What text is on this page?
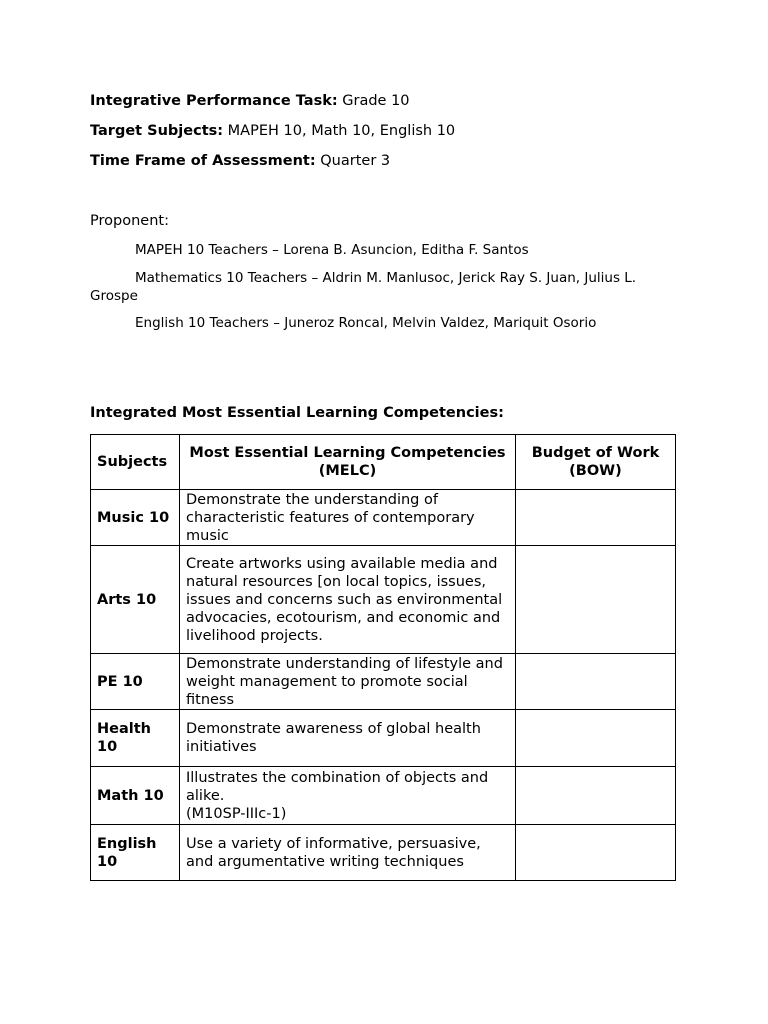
Integrative Performance Task: Grade 10
Target Subjects: MAPEH 10, Math 10, English 10
Time Frame of Assessment: Quarter 3
Proponent:
MAPEH 10 Teachers – Lorena B. Asuncion, Editha F. Santos
Mathematics 10 Teachers – Aldrin M. Manlusoc, Jerick Ray S. Juan, Julius L. Grospe
English 10 Teachers – Juneroz Roncal, Melvin Valdez, Mariquit Osorio
Integrated Most Essential Learning Competencies:
Subjects	Most Essential Learning Competencies (MELC)	Budget of Work (BOW)
Music 10	Demonstrate the understanding of characteristic features of contemporary music	
Arts 10	Create artworks using available media and natural resources [on local topics, issues, issues and concerns such as environmental advocacies, ecotourism, and economic and livelihood projects.	
PE 10	Demonstrate understanding of lifestyle and weight management to promote social fitness	
Health 10	Demonstrate awareness of global health initiatives	
Math 10	Illustrates the combination of objects and alike.
(M10SP-IIIc-1)	
English 10	Use a variety of informative, persuasive, and argumentative writing techniques	
